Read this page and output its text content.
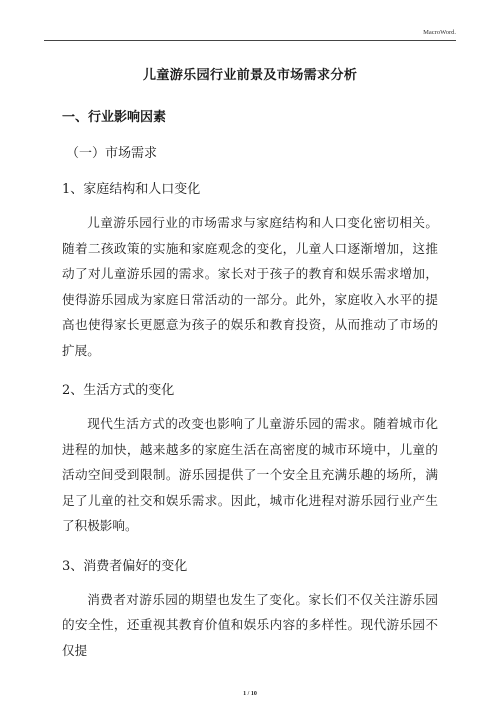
MacroWord.
儿童游乐园行业前景及市场需求分析
一、行业影响因素
（一）市场需求
1、家庭结构和人口变化

儿童游乐园行业的市场需求与家庭结构和人口变化密切相关。随着二孩政策的实施和家庭观念的变化，儿童人口逐渐增加，这推动了对儿童游乐园的需求。家长对于孩子的教育和娱乐需求增加，使得游乐园成为家庭日常活动的一部分。此外，家庭收入水平的提高也使得家长更愿意为孩子的娱乐和教育投资，从而推动了市场的扩展。

2、生活方式的变化

现代生活方式的改变也影响了儿童游乐园的需求。随着城市化进程的加快，越来越多的家庭生活在高密度的城市环境中，儿童的活动空间受到限制。游乐园提供了一个安全且充满乐趣的场所，满足了儿童的社交和娱乐需求。因此，城市化进程对游乐园行业产生了积极影响。

3、消费者偏好的变化

消费者对游乐园的期望也发生了变化。家长们不仅关注游乐园的安全性，还重视其教育价值和娱乐内容的多样性。现代游乐园不仅提

1 / 10
